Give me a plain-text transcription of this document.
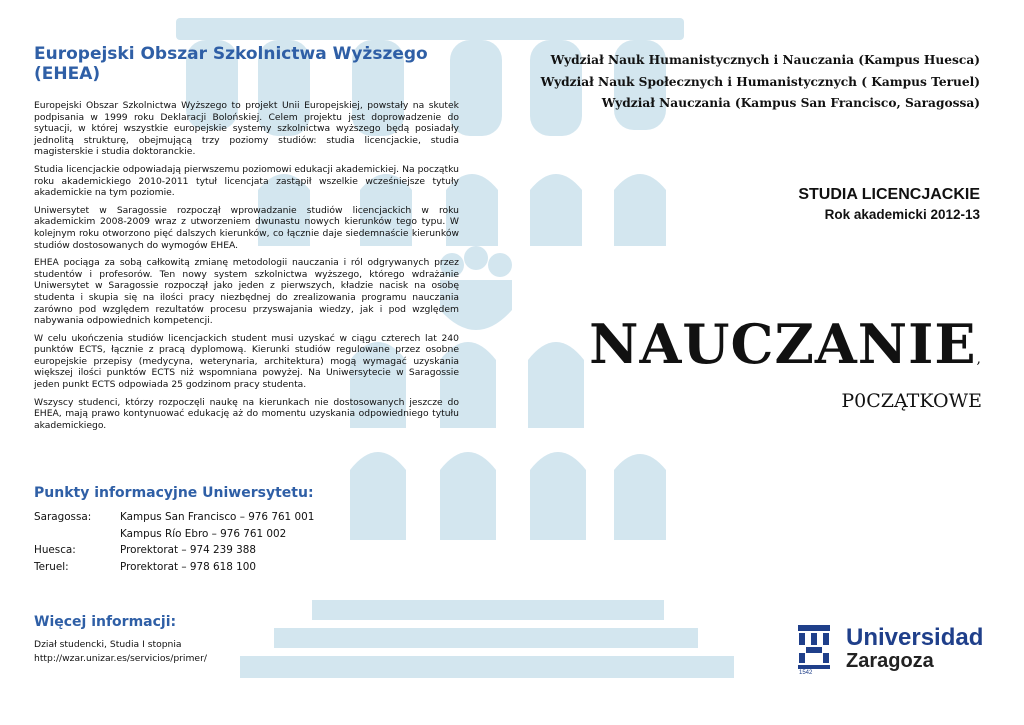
Europejski Obszar Szkolnictwa Wyższego (EHEA)

Europejski Obszar Szkolnictwa Wyższego to projekt Unii Europejskiej, powstały na skutek podpisania w 1999 roku Deklaracji Bolońskiej. Celem projektu jest doprowadzenie do sytuacji, w której wszystkie europejskie systemy szkolnictwa wyższego będą posiadały jednolitą strukturę, obejmującą trzy poziomy studiów: studia licencjackie, studia magisterskie i studia doktoranckie.

Studia licencjackie odpowiadają pierwszemu poziomowi edukacji akademickiej. Na początku roku akademickiego 2010-2011 tytuł licencjata zastąpił wszelkie wcześniejsze tytuły akademickie na tym poziomie.

Uniwersytet w Saragossie rozpoczął wprowadzanie studiów licencjackich w roku akademickim 2008-2009 wraz z utworzeniem dwunastu nowych kierunków tego typu. W kolejnym roku otworzono pięć dalszych kierunków, co łącznie daje siedemnaście kierunków studiów dostosowanych do wymogów EHEA.

EHEA pociąga za sobą całkowitą zmianę metodologii nauczania i ról odgrywanych przez studentów i profesorów. Ten nowy system szkolnictwa wyższego, którego wdrażanie Uniwersytet w Saragossie rozpoczął jako jeden z pierwszych, kładzie nacisk na osobę studenta i skupia się na ilości pracy niezbędnej do zrealizowania programu nauczania zarówno pod względem rezultatów procesu przyswajania wiedzy, jak i pod względem nabywania odpowiednich kompetencji.

W celu ukończenia studiów licencjackich student musi uzyskać w ciągu czterech lat 240 punktów ECTS, łącznie z pracą dyplomową. Kierunki studiów regulowane przez osobne europejskie przepisy (medycyna, weterynaria, architektura) mogą wymagać uzyskania większej ilości punktów ECTS niż wspomniana powyżej. Na Uniwersytecie w Saragossie jeden punkt ECTS odpowiada 25 godzinom pracy studenta.

Wszyscy studenci, którzy rozpoczęli naukę na kierunkach nie dostosowanych jeszcze do EHEA, mają prawo kontynuować edukację aż do momentu uzyskania odpowiedniego tytułu akademickiego.

Punkty informacyjne Uniwersytetu:
Saragossa:	Kampus San Francisco – 976 761 001
Kampus Río Ebro – 976 761 002
Huesca:	Prorektorat – 974 239 388
Teruel:	Prorektorat – 978 618 100
Więcej informacji:
Dział studencki, Studia I stopnia
http://wzar.unizar.es/servicios/primer/
Wydział Nauk Humanistycznych i Nauczania (Kampus Huesca)
Wydział Nauk Społecznych i Humanistycznych ( Kampus Teruel)
Wydział Nauczania (Kampus San Francisco, Saragossa)
STUDIA LICENCJACKIE
Rok akademicki 2012-13
NAUCZANIE,
P0CZĄTKOWE
Universidad
Zaragoza
1542
